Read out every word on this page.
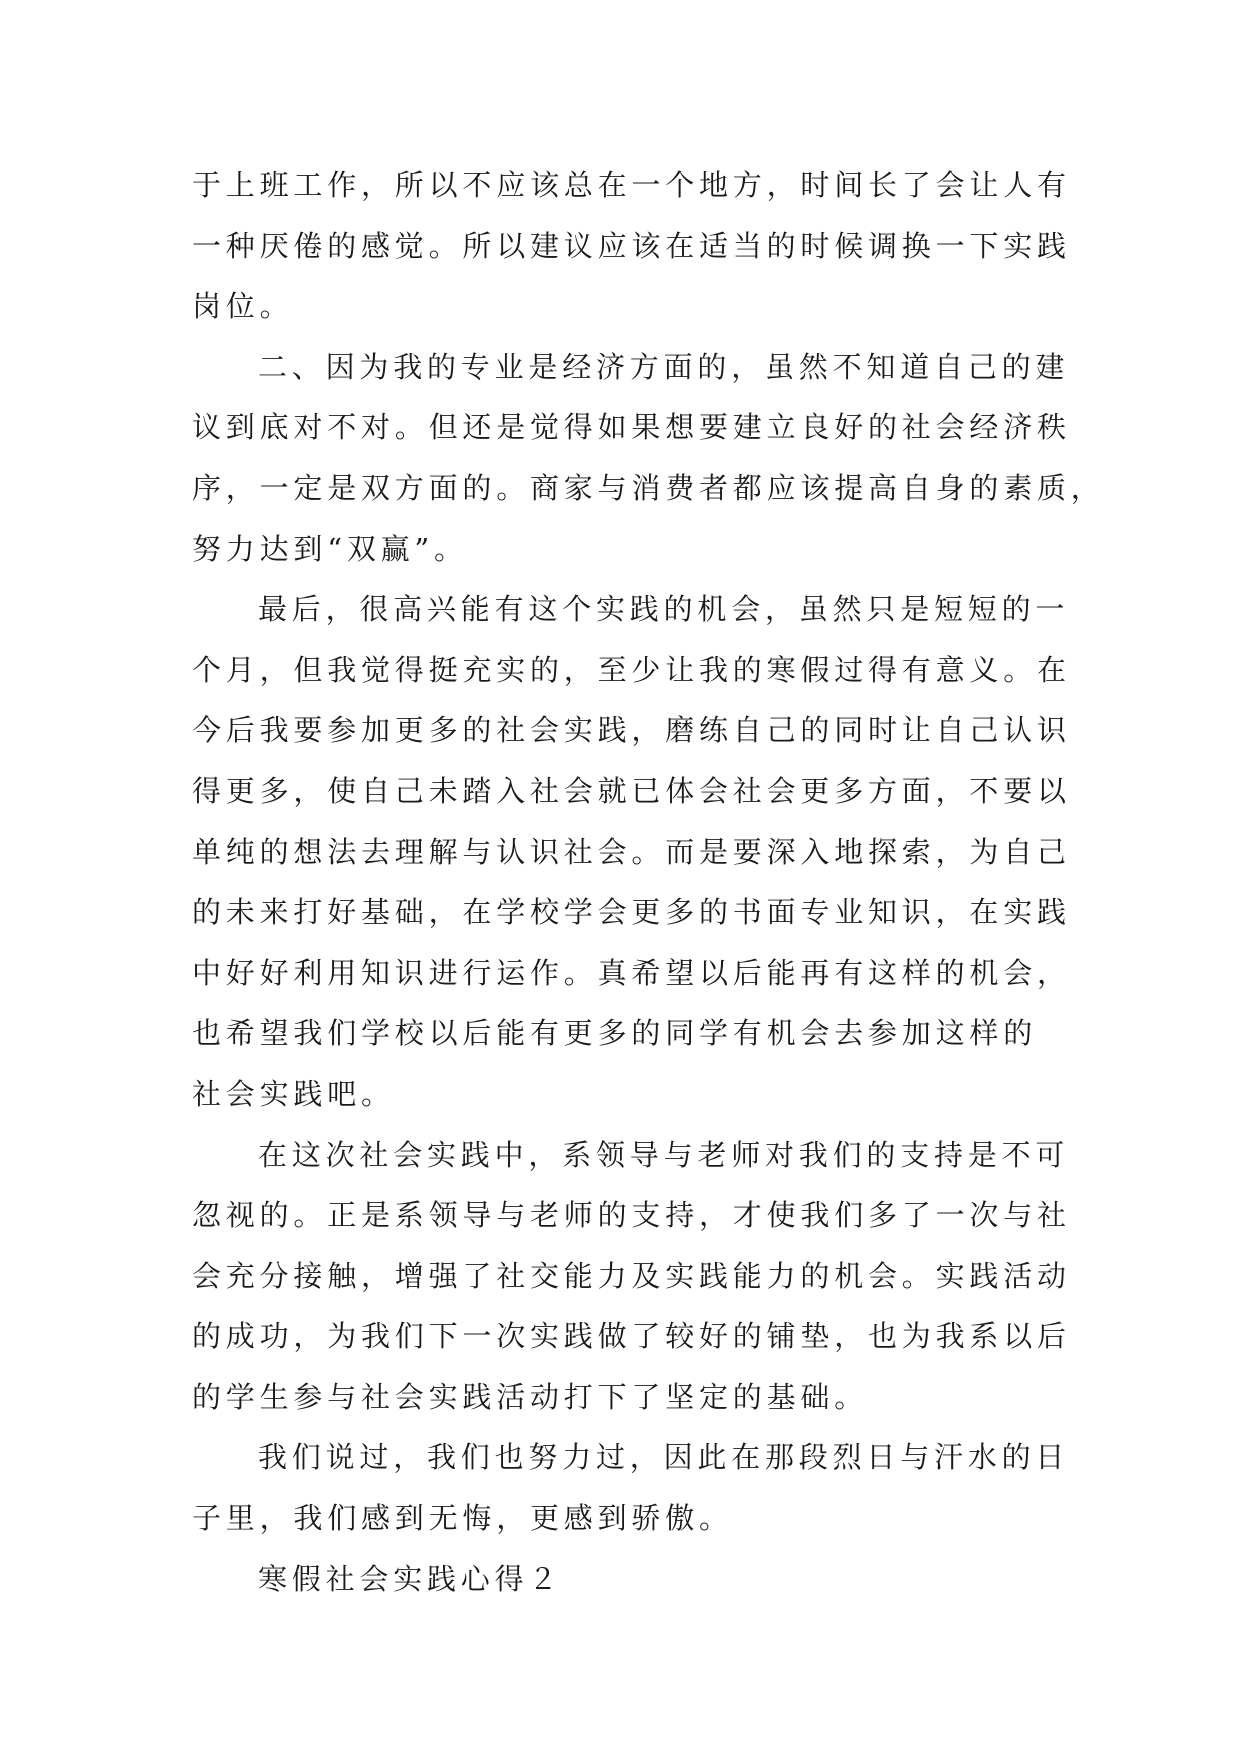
于上班工作，所以不应该总在一个地方，时间长了会让人有
一种厌倦的感觉。所以建议应该在适当的时候调换一下实践
岗位。
二、因为我的专业是经济方面的，虽然不知道自己的建
议到底对不对。但还是觉得如果想要建立良好的社会经济秩
序，一定是双方面的。商家与消费者都应该提高自身的素质，
努力达到“双赢”。
最后，很高兴能有这个实践的机会，虽然只是短短的一
个月，但我觉得挺充实的，至少让我的寒假过得有意义。在
今后我要参加更多的社会实践，磨练自己的同时让自己认识
得更多，使自己未踏入社会就已体会社会更多方面，不要以
单纯的想法去理解与认识社会。而是要深入地探索，为自己
的未来打好基础，在学校学会更多的书面专业知识，在实践
中好好利用知识进行运作。真希望以后能再有这样的机会，
也希望我们学校以后能有更多的同学有机会去参加这样的
社会实践吧。
在这次社会实践中，系领导与老师对我们的支持是不可
忽视的。正是系领导与老师的支持，才使我们多了一次与社
会充分接触，增强了社交能力及实践能力的机会。实践活动
的成功，为我们下一次实践做了较好的铺垫，也为我系以后
的学生参与社会实践活动打下了坚定的基础。
我们说过，我们也努力过，因此在那段烈日与汗水的日
子里，我们感到无悔，更感到骄傲。
寒假社会实践心得２
